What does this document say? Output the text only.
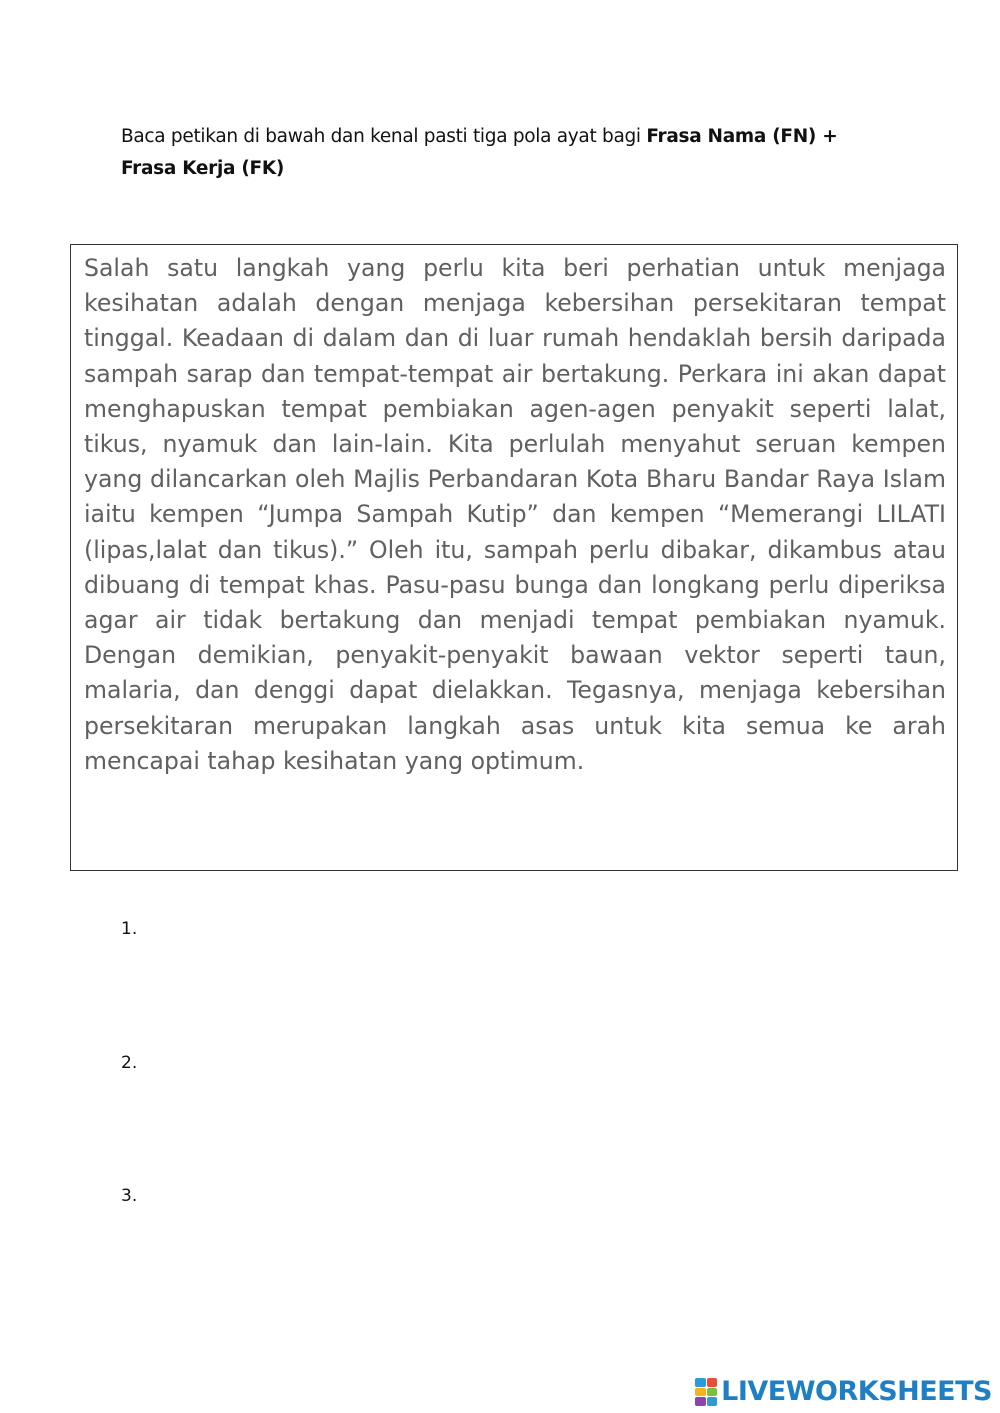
Baca petikan di bawah dan kenal pasti tiga pola ayat bagi Frasa Nama (FN) + Frasa Kerja (FK)

Salah satu langkah yang perlu kita beri perhatian untuk menjaga kesihatan adalah dengan menjaga kebersihan persekitaran tempat tinggal. Keadaan di dalam dan di luar rumah hendaklah bersih daripada sampah sarap dan tempat-tempat air bertakung. Perkara ini akan dapat menghapuskan tempat pembiakan agen-agen penyakit seperti lalat, tikus, nyamuk dan lain-lain. Kita perlulah menyahut seruan kempen yang dilancarkan oleh Majlis Perbandaran Kota Bharu Bandar Raya Islam iaitu kempen “Jumpa Sampah Kutip” dan kempen “Memerangi LILATI (lipas,lalat dan tikus).” Oleh itu, sampah perlu dibakar, dikambus atau dibuang di tempat khas. Pasu-pasu bunga dan longkang perlu diperiksa agar air tidak bertakung dan menjadi tempat pembiakan nyamuk. Dengan demikian, penyakit-penyakit bawaan vektor seperti taun, malaria, dan denggi dapat dielakkan. Tegasnya, menjaga kebersihan persekitaran merupakan langkah asas untuk kita semua ke arah mencapai tahap kesihatan yang optimum.

1.
2.
3.
LIVEWORKSHEETS
